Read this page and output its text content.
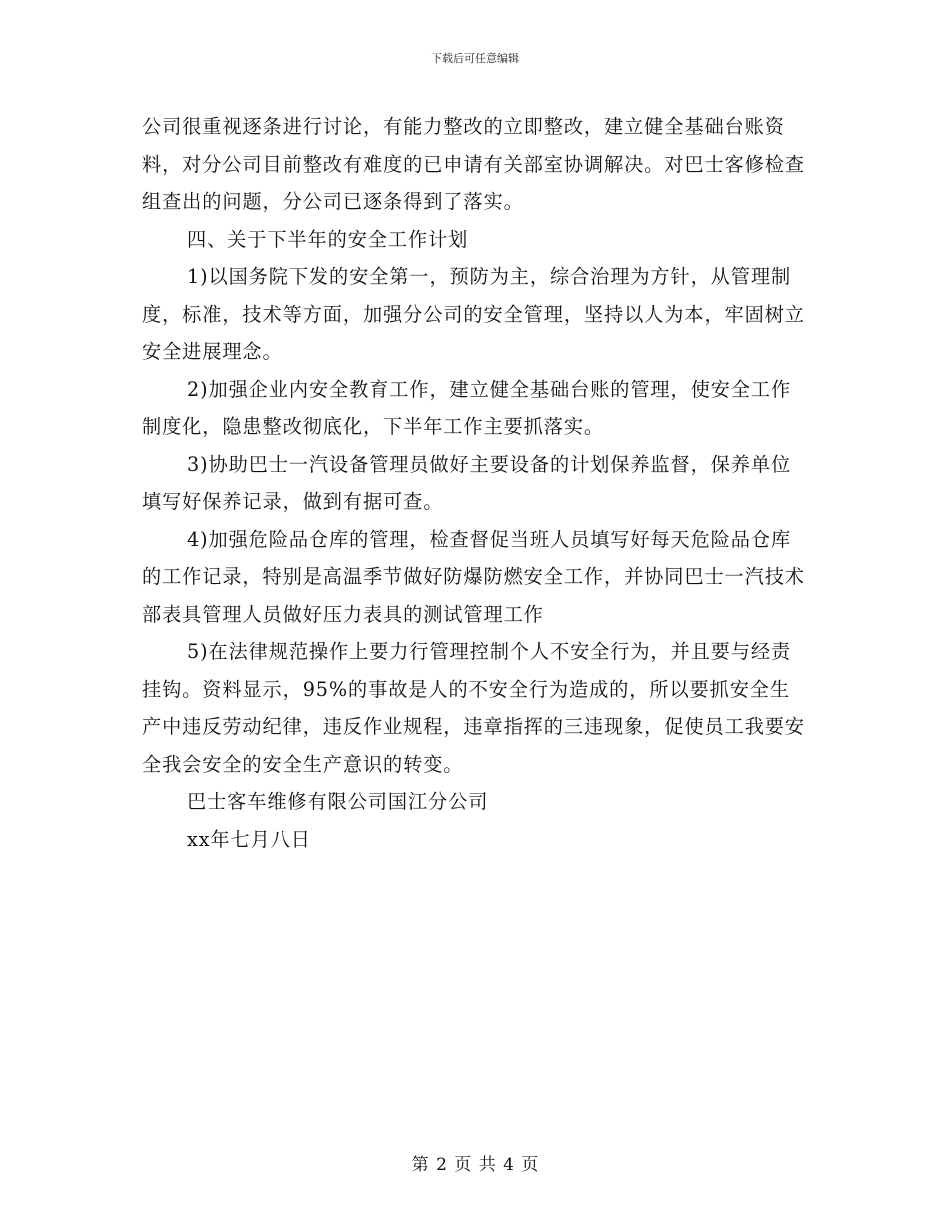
下载后可任意编辑

公司很重视逐条进行讨论，有能力整改的立即整改，建立健全基础台账资料，对分公司目前整改有难度的已申请有关部室协调解决。对巴士客修检查组查出的问题，分公司已逐条得到了落实。

四、关于下半年的安全工作计划

1)以国务院下发的安全第一，预防为主，综合治理为方针，从管理制度，标准，技术等方面，加强分公司的安全管理，坚持以人为本，牢固树立安全进展理念。

2)加强企业内安全教育工作，建立健全基础台账的管理，使安全工作制度化，隐患整改彻底化，下半年工作主要抓落实。

3)协助巴士一汽设备管理员做好主要设备的计划保养监督，保养单位填写好保养记录，做到有据可查。

4)加强危险品仓库的管理，检查督促当班人员填写好每天危险品仓库的工作记录，特别是高温季节做好防爆防燃安全工作，并协同巴士一汽技术部表具管理人员做好压力表具的测试管理工作

5)在法律规范操作上要力行管理控制个人不安全行为，并且要与经责挂钩。资料显示，95%的事故是人的不安全行为造成的，所以要抓安全生产中违反劳动纪律，违反作业规程，违章指挥的三违现象，促使员工我要安全我会安全的安全生产意识的转变。

巴士客车维修有限公司国江分公司

xx年七月八日

第 2 页 共 4 页
